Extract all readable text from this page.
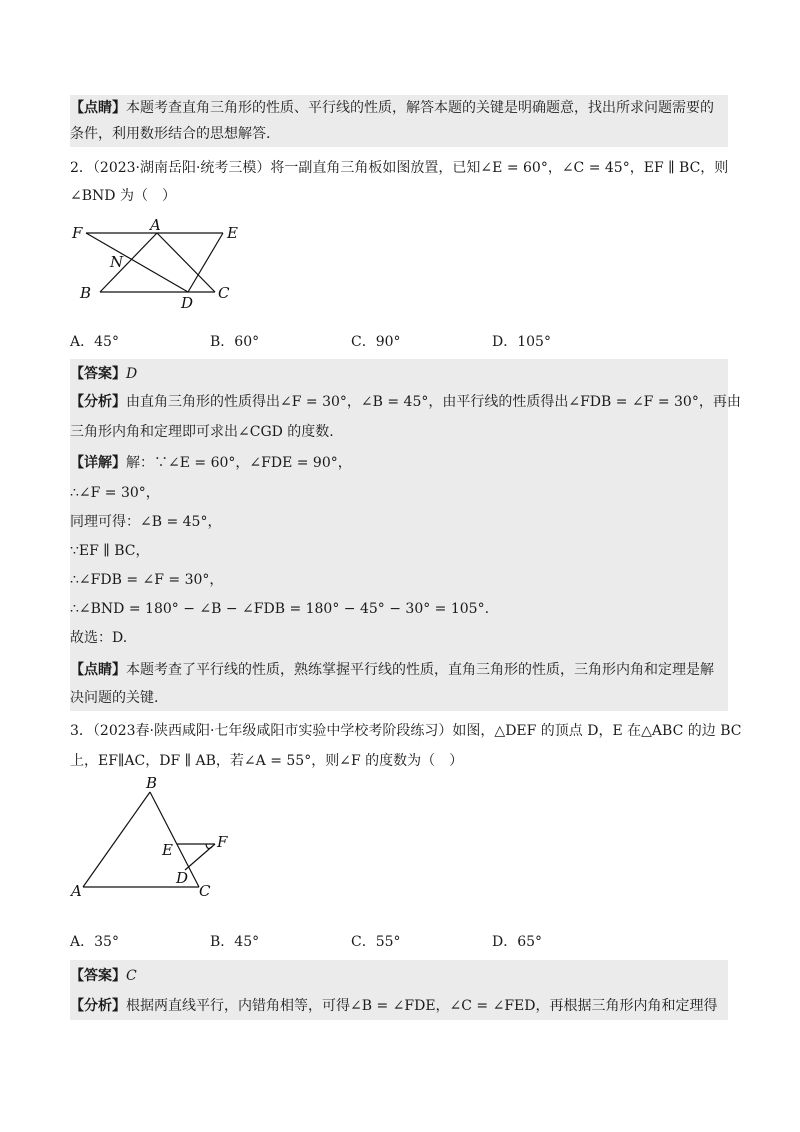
【点睛】本题考查直角三角形的性质、平行线的性质，解答本题的关键是明确题意，找出所求问题需要的
条件，利用数形结合的思想解答.
2．（2023·湖南岳阳·统考三模）将一副直角三角板如图放置，已知∠E = 60°，∠C = 45°，EF ∥ BC，则
∠BND 为（　）
F	A	E
N
B
D
C
A．45°	B．60°	C．90°	D．105°
【答案】D
【分析】由直角三角形的性质得出∠F = 30°，∠B = 45°，由平行线的性质得出∠FDB = ∠F = 30°，再由
三角形内角和定理即可求出∠CGD 的度数.
【详解】解：∵∠E = 60°，∠FDE = 90°，
∴∠F = 30°，
同理可得：∠B = 45°，
∵EF ∥ BC，
∴∠FDB = ∠F = 30°，
∴∠BND = 180° − ∠B − ∠FDB = 180° − 45° − 30° = 105°.
故选：D.
【点睛】本题考查了平行线的性质，熟练掌握平行线的性质，直角三角形的性质，三角形内角和定理是解
决问题的关键.
3．（2023春·陕西咸阳·七年级咸阳市实验中学校考阶段练习）如图，△DEF 的顶点 D，E 在△ABC 的边 BC
上，EF∥AC，DF ∥ AB，若∠A = 55°，则∠F 的度数为（　）
B
E	F
D
A	C
A．35°	B．45°	C．55°	D．65°
【答案】C
【分析】根据两直线平行，内错角相等，可得∠B = ∠FDE，∠C = ∠FED，再根据三角形内角和定理得
